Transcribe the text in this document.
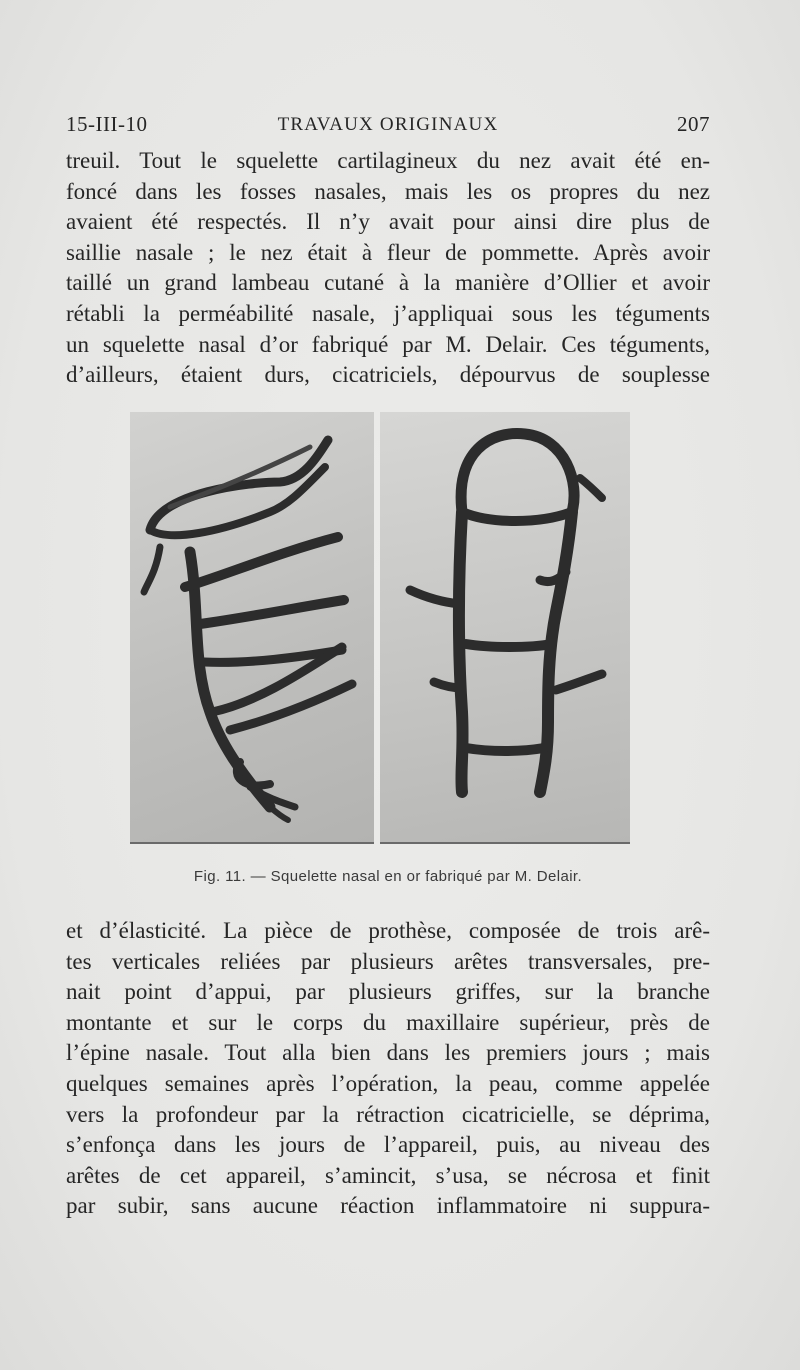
15-III-10	TRAVAUX ORIGINAUX	207
treuil. Tout le squelette cartilagineux du nez avait été en-
foncé dans les fosses nasales, mais les os propres du nez
avaient été respectés. Il n’y avait pour ainsi dire plus de
saillie nasale ; le nez était à fleur de pommette. Après avoir
taillé un grand lambeau cutané à la manière d’Ollier et avoir
rétabli la perméabilité nasale, j’appliquai sous les téguments
un squelette nasal d’or fabriqué par M. Delair. Ces téguments,
d’ailleurs, étaient durs, cicatriciels, dépourvus de souplesse
Fig. 11. — Squelette nasal en or fabriqué par M. Delair.
et d’élasticité. La pièce de prothèse, composée de trois arê-
tes verticales reliées par plusieurs arêtes transversales, pre-
nait point d’appui, par plusieurs griffes, sur la branche
montante et sur le corps du maxillaire supérieur, près de
l’épine nasale. Tout alla bien dans les premiers jours ; mais
quelques semaines après l’opération, la peau, comme appelée
vers la profondeur par la rétraction cicatricielle, se déprima,
s’enfonça dans les jours de l’appareil, puis, au niveau des
arêtes de cet appareil, s’amincit, s’usa, se nécrosa et finit
par subir, sans aucune réaction inflammatoire ni suppura-
